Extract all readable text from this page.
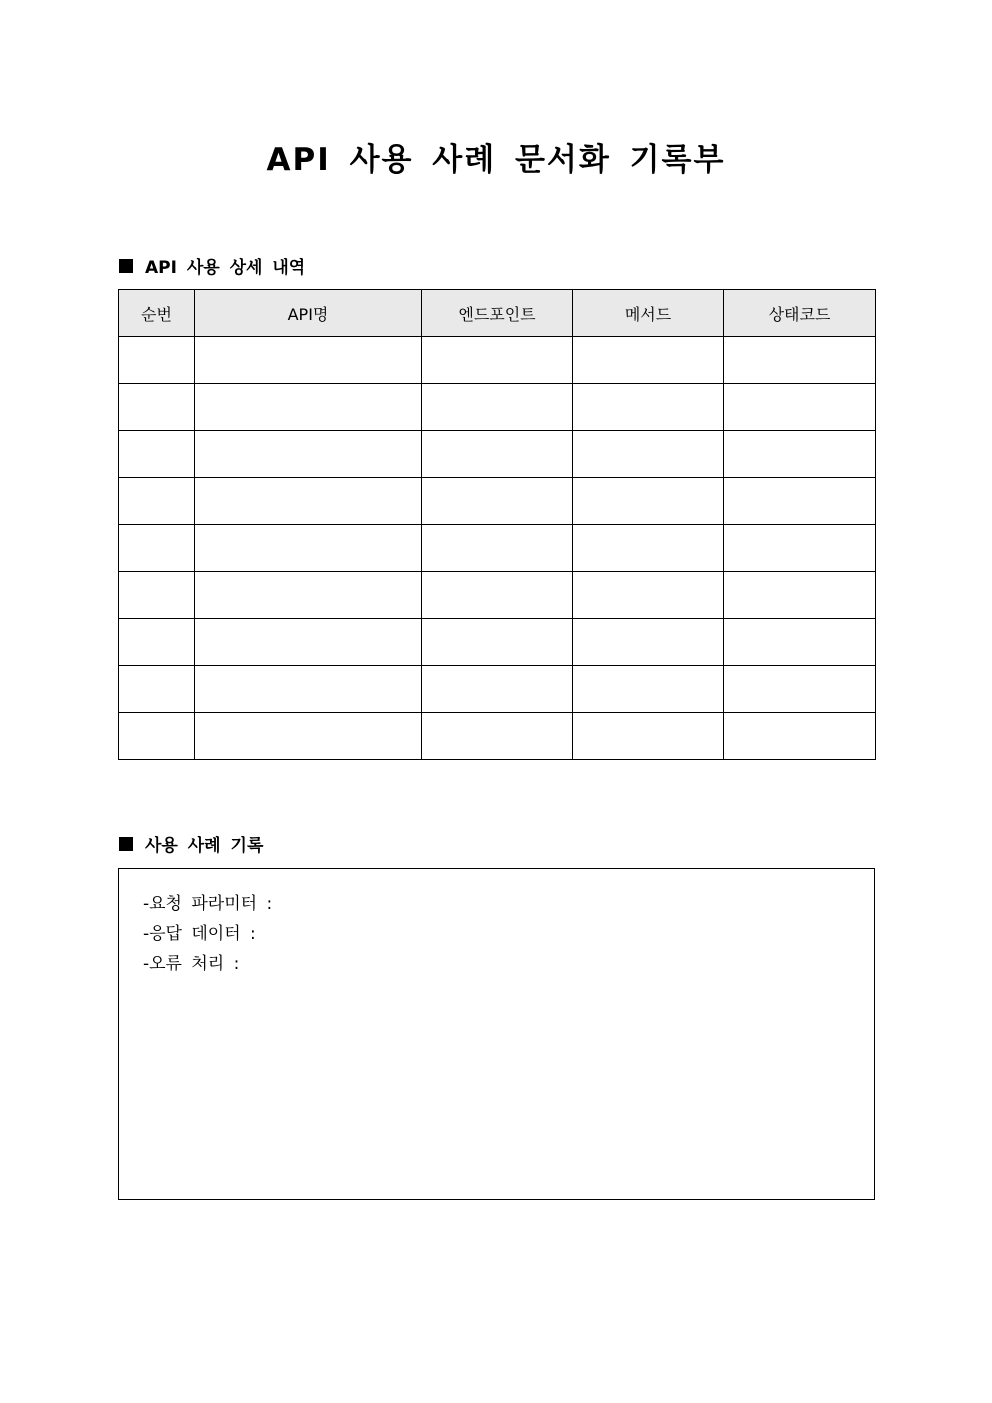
API 사용 사례 문서화 기록부
API 사용 상세 내역
순번	API명	엔드포인트	메서드	상태코드

사용 사례 기록
-요청 파라미터 :
-응답 데이터 :
-오류 처리 :
